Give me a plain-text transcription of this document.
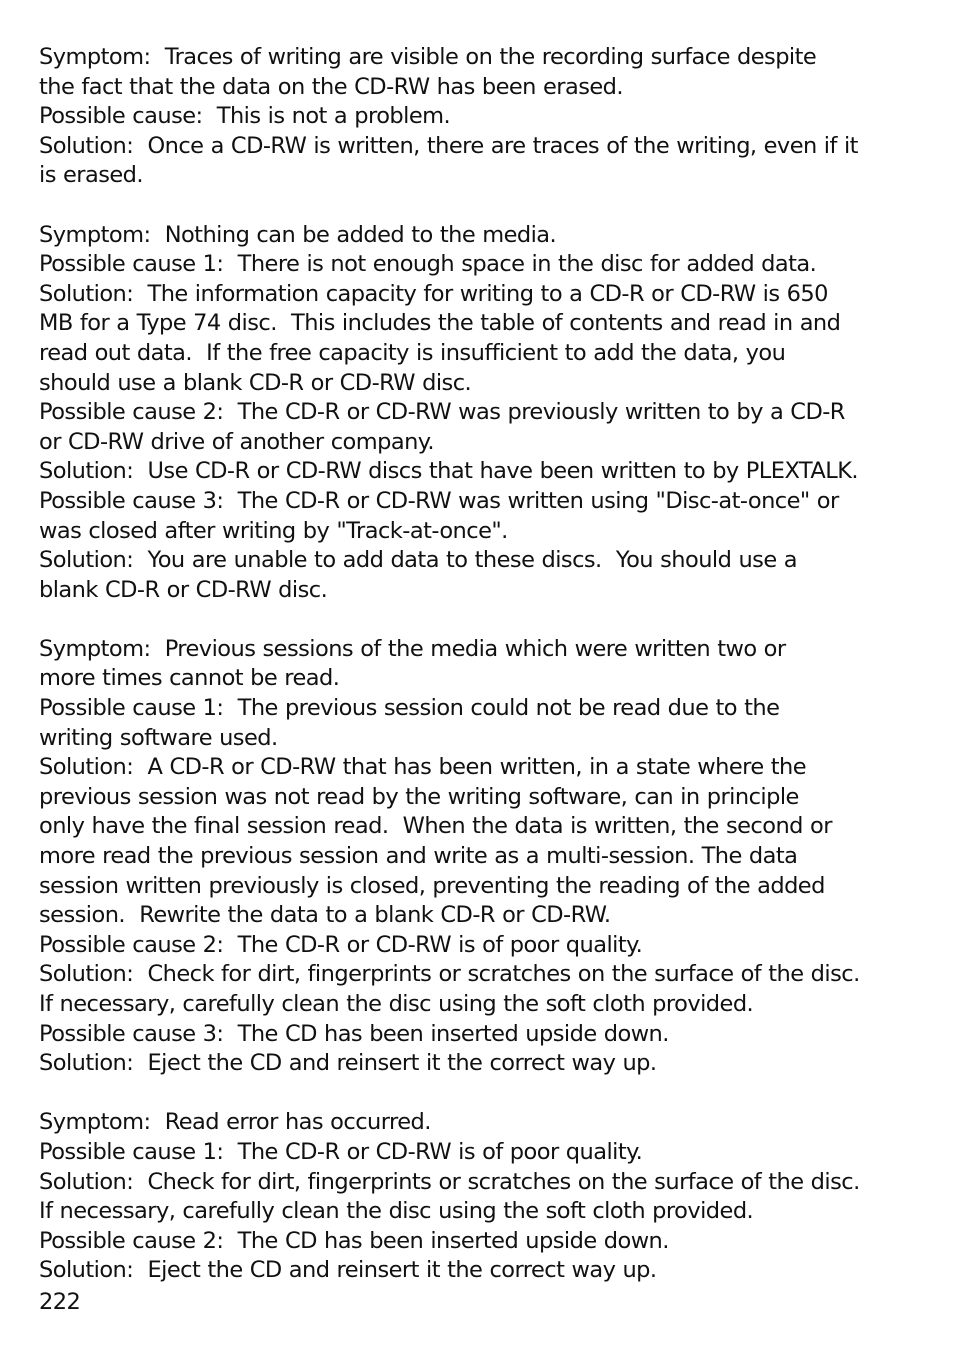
Symptom:  Traces of writing are visible on the recording surface despite
the fact that the data on the CD-RW has been erased.
Possible cause:  This is not a problem.
Solution:  Once a CD-RW is written, there are traces of the writing, even if it
is erased.
Symptom:  Nothing can be added to the media.
Possible cause 1:  There is not enough space in the disc for added data.
Solution:  The information capacity for writing to a CD-R or CD-RW is 650
MB for a Type 74 disc.  This includes the table of contents and read in and
read out data.  If the free capacity is insufficient to add the data, you
should use a blank CD-R or CD-RW disc.
Possible cause 2:  The CD-R or CD-RW was previously written to by a CD-R
or CD-RW drive of another company.
Solution:  Use CD-R or CD-RW discs that have been written to by PLEXTALK.
Possible cause 3:  The CD-R or CD-RW was written using "Disc-at-once" or
was closed after writing by "Track-at-once".
Solution:  You are unable to add data to these discs.  You should use a
blank CD-R or CD-RW disc.
Symptom:  Previous sessions of the media which were written two or
more times cannot be read.
Possible cause 1:  The previous session could not be read due to the
writing software used.
Solution:  A CD-R or CD-RW that has been written, in a state where the
previous session was not read by the writing software, can in principle
only have the final session read.  When the data is written, the second or
more read the previous session and write as a multi-session. The data
session written previously is closed, preventing the reading of the added
session.  Rewrite the data to a blank CD-R or CD-RW.
Possible cause 2:  The CD-R or CD-RW is of poor quality.
Solution:  Check for dirt, fingerprints or scratches on the surface of the disc.
If necessary, carefully clean the disc using the soft cloth provided.
Possible cause 3:  The CD has been inserted upside down.
Solution:  Eject the CD and reinsert it the correct way up.
Symptom:  Read error has occurred.
Possible cause 1:  The CD-R or CD-RW is of poor quality.
Solution:  Check for dirt, fingerprints or scratches on the surface of the disc.
If necessary, carefully clean the disc using the soft cloth provided.
Possible cause 2:  The CD has been inserted upside down.
Solution:  Eject the CD and reinsert it the correct way up.
222
